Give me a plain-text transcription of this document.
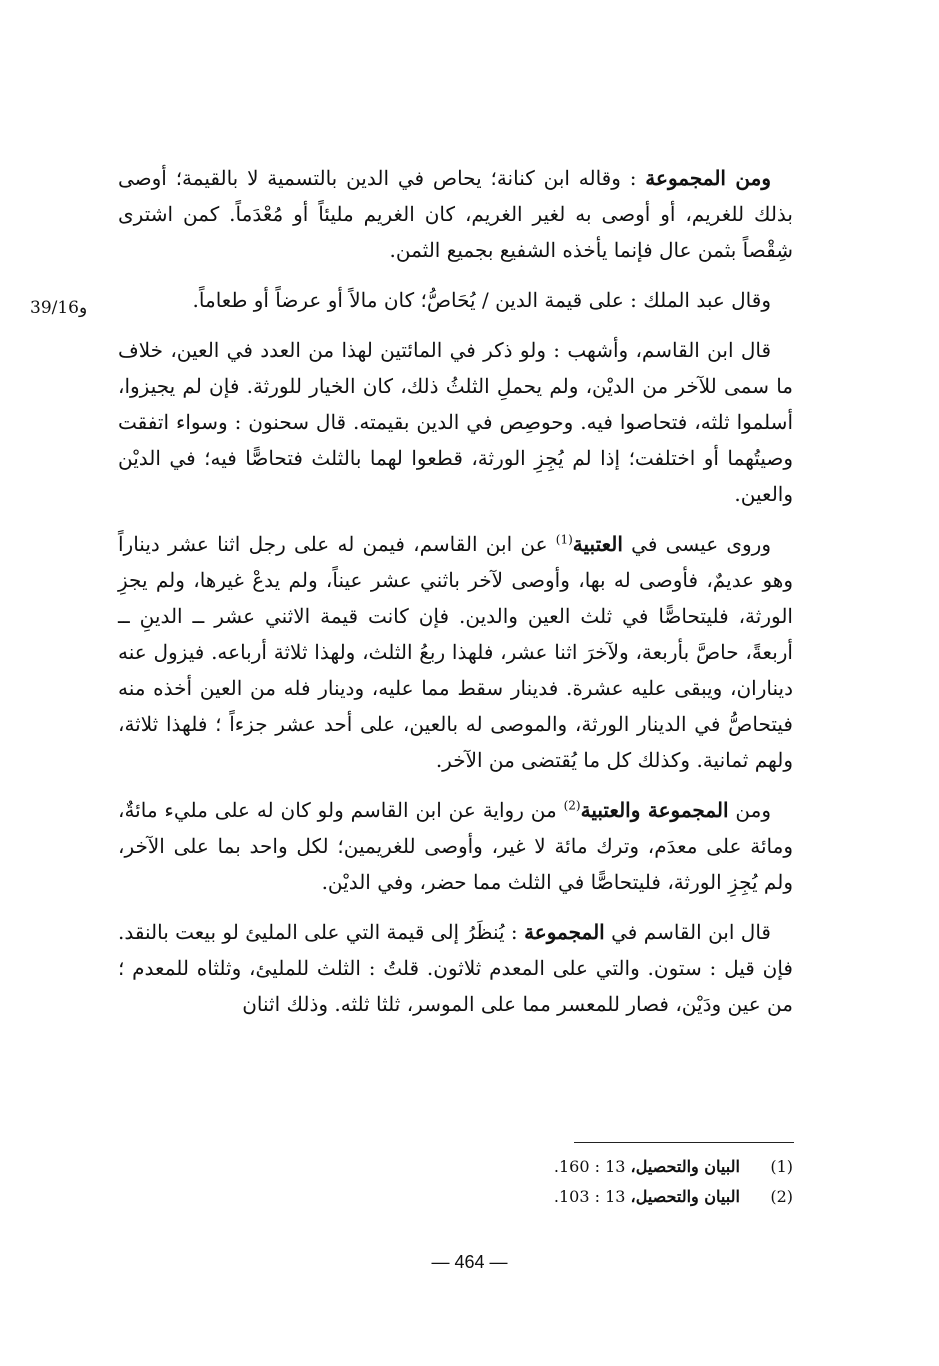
39/16و

ومن المجموعة : وقاله ابن كنانة؛ يحاص في الدين بالتسمية لا بالقيمة؛ أوصى بذلك للغريم، أو أوصى به لغير الغريم، كان الغريم مليئاً أو مُعْدَماً. كمن اشترى شِقْصاً بثمن عال فإنما يأخذه الشفيع بجميع الثمن.

وقال عبد الملك : على قيمة الدين / يُحَاصُّ؛ كان مالاً أو عرضاً أو طعاماً.

قال ابن القاسم، وأشهب : ولو ذكر في المائتين لهذا من العدد في العين، خلاف ما سمى للآخر من الديْن، ولم يحملِ الثلثُ ذلك، كان الخيار للورثة. فإن لم يجيزوا، أسلموا ثلثه، فتحاصوا فيه. وحوصِص في الدين بقيمته. قال سحنون : وسواء اتفقت وصيتُهما أو اختلفت؛ إذا لم يُجِزِ الورثة، قطعوا لهما بالثلث فتحاصًّا فيه؛ في الديْن والعين.

وروى عيسى في العتبية$^{(1)}$ عن ابن القاسم، فيمن له على رجل اثنا عشر ديناراً وهو عديمٌ، فأوصى له بها، وأوصى لآخر باثني عشر عيناً، ولم يدعْ غيرها، ولم يجزِ الورثة، فليتحاصًّا في ثلث العين والدين. فإن كانت قيمة الاثني عشر ــ الدينِ ــ أربعةً، حاصَّ بأربعة، ولآخرَ اثنا عشر، فلهذا ربعُ الثلث، ولهذا ثلاثة أرباعه. فيزول عنه ديناران، ويبقى عليه عشرة. فدينار سقط مما عليه، ودينار فله من العين أخذه منه فيتحاصُّ في الدينار الورثة، والموصى له بالعين، على أحد عشر جزءاً ؛ فلهذا ثلاثة، ولهم ثمانية. وكذلك كل ما يُقتضى من الآخر.

ومن المجموعة والعتبية$^{(2)}$ من رواية عن ابن القاسم ولو كان له على مليء مائةٌ، ومائة على معدَم، وترك مائة لا غير، وأوصى للغريمين؛ لكل واحد بما على الآخر، ولم يُجِزِ الورثة، فليتحاصًّا في الثلث مما حضر، وفي الديْن.

قال ابن القاسم في المجموعة : يُنظَرُ إلى قيمة التي على المليئ لو بيعت بالنقد. فإن قيل : ستون. والتي على المعدم ثلاثون. قلتُ : الثلث للمليئ، وثلثاه للمعدم ؛ من عين ودَيْن، فصار للمعسر مما على الموسر، ثلثا ثلثه. وذلك اثنان

(1) البيان والتحصيل، 13 : 160.
(2) البيان والتحصيل، 13 : 103.
— 464 —
